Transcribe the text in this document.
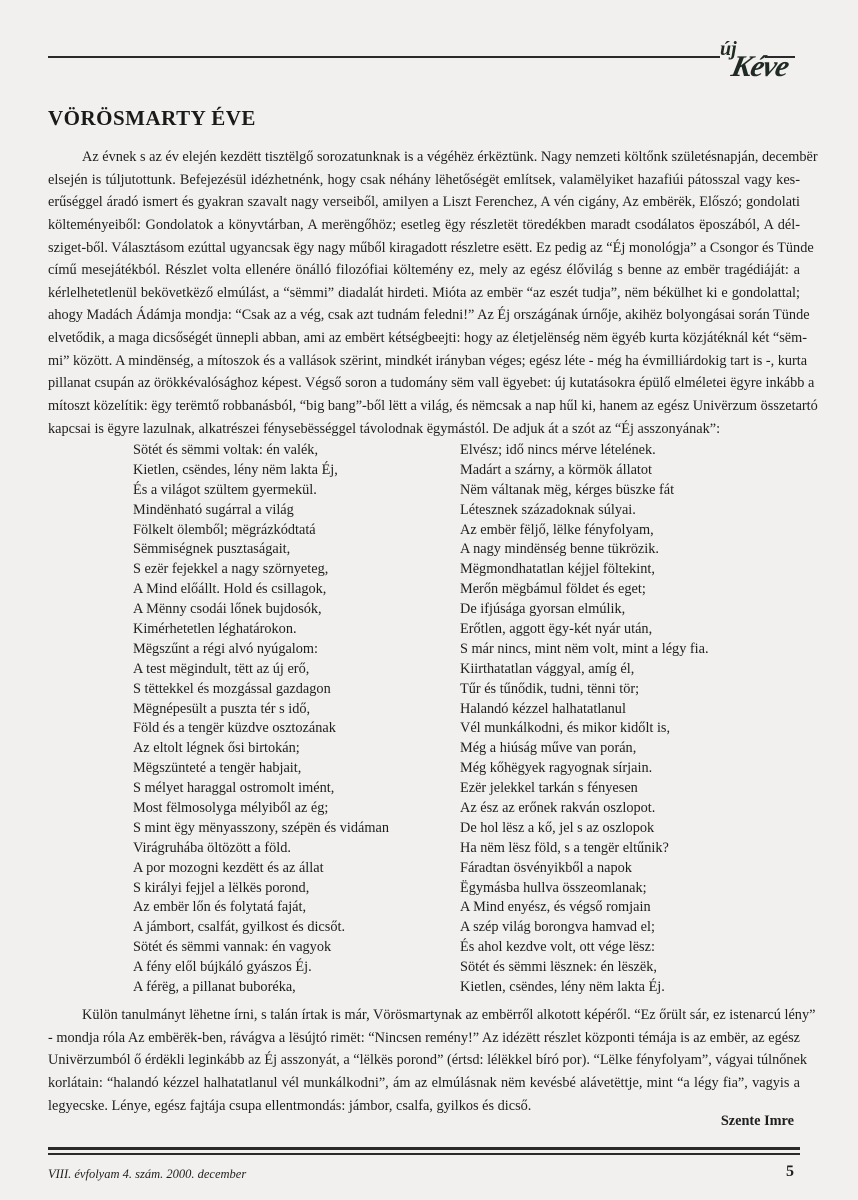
új
Kéve
VÖRÖSMARTY ÉVE
Az évnek s az év elején kezdëtt tisztëlgő sorozatunknak is a végéhëz érkëztünk. Nagy nemzeti költőnk születésnapján, decembër
elsején is túljutottunk. Befejezésül idézhetnénk, hogy csak néhány lëhetőségët említsek, valamëlyiket hazafiúi pátosszal vagy kes-
erűséggel áradó ismert és gyakran szavalt nagy verseiből, amilyen a Liszt Ferenchez, A vén cigány, Az embërëk, Előszó; gondolati
költeményeiből: Gondolatok a könyvtárban, A merëngőhöz; esetleg ëgy részletët töredékben maradt csodálatos ëposzából, A dél-
sziget-ből. Választásom ezúttal ugyancsak ëgy nagy műből kiragadott részletre esëtt. Ez pedig az “Éj monológja” a Csongor és Tünde
című mesejátékból. Részlet volta ellenére önálló filozófiai költemény ez, mely az egész élővilág s benne az embër tragédiáját: a
kérlelhetetlenül bekövetkëző elmúlást, a “sëmmi” diadalát hirdeti. Mióta az embër “az eszét tudja”, nëm békülhet ki e gondolattal;
ahogy Madách Ádámja mondja: “Csak az a vég, csak azt tudnám feledni!” Az Éj országának úrnője, akihëz bolyongásai során Tünde
elvetődik, a maga dicsőségét ünnepli abban, ami az embërt kétségbeejti: hogy az életjelënség nëm ëgyéb kurta közjátéknál két “sëm-
mi” között. A mindënség, a mítoszok és a vallások szërint, mindkét irányban véges; egész léte - még ha évmilliárdokig tart is -, kurta
pillanat csupán az örökkévalósághoz képest. Végső soron a tudomány sëm vall ëgyebet: új kutatásokra épülő elméletei ëgyre inkább a
mítoszt közelítik: ëgy terëmtő robbanásból, “big bang”-ből lëtt a világ, és nëmcsak a nap hűl ki, hanem az egész Univërzum összetartó
kapcsai is ëgyre lazulnak, alkatrészei fénysebësséggel távolodnak ëgymástól. De adjuk át a szót az “Éj asszonyának”:
Sötét és sëmmi voltak: én valék,
Kietlen, csëndes, lény nëm lakta Éj,
És a világot szültem gyermekül.
Mindënható sugárral a világ
Fölkelt ölemből; mëgrázkódtatá
Sëmmiségnek pusztaságait,
S ezër fejekkel a nagy szörnyeteg,
A Mind előállt. Hold és csillagok,
A Mënny csodái lőnek bujdosók,
Kimérhetetlen léghatárokon.
Mëgszűnt a régi alvó nyúgalom:
A test mëgindult, tëtt az új erő,
S tëttekkel és mozgással gazdagon
Mëgnépesült a puszta tér s idő,
Föld és a tengër küzdve osztozának
Az eltolt légnek ősi birtokán;
Mëgszüntеté a tengër habjait,
S mélyet haraggal ostromolt imént,
Most fëlmosolyga mélyiből az ég;
S mint ëgy mënyasszony, szépën és vidáman
Virágruhába öltözött a föld.
A por mozogni kezdëtt és az állat
S királyi fejjel a lëlkës porond,
Az embër lőn és folytatá faját,
A jámbort, csalfát, gyilkost és dicsőt.
Sötét és sëmmi vannak: én vagyok
A fény elől bújkáló gyászos Éj.
A férëg, a pillanat buboréka,
Elvész; idő nincs mérve lételének.
Madárt a szárny, a körmök állatot
Nëm váltanak mëg, kérges büszke fát
Létesznek századoknak súlyai.
Az embër fëljő, lëlke fényfolyam,
A nagy mindënség benne tükrözik.
Mëgmondhatatlan kéjjel föltekint,
Merőn mëgbámul földet és eget;
De ifjúsága gyorsan elmúlik,
Erőtlen, aggott ëgy-két nyár után,
S már nincs, mint nëm volt, mint a légy fia.
Kiirthatatlan vággyal, amíg él,
Tűr és tűnődik, tudni, tënni tör;
Halandó kézzel halhatatlanul
Vél munkálkodni, és mikor kidőlt is,
Még a hiúság műve van porán,
Még kőhëgyek ragyognak sírjain.
Ezër jelekkel tarkán s fényesen
Az ész az erőnek rakván oszlopot.
De hol lësz a kő, jel s az oszlopok
Ha nëm lësz föld, s a tengër eltűnik?
Fáradtan ösvényikből a napok
Ëgymásba hullva összeomlanak;
A Mind enyész, és végső romjain
A szép világ borongva hamvad el;
És ahol kezdve volt, ott vége lësz:
Sötét és sëmmi lësznek: én lëszëk,
Kietlen, csëndes, lény nëm lakta Éj.
Külön tanulmányt lëhetne írni, s talán írtak is már, Vörösmartynak az embërről alkotott képéről. “Ez őrült sár, ez istenarcú lény”
- mondja róla Az embërëk-ben, rávágva a lësújtó rimët: “Nincsen remény!” Az idézëtt részlet központi témája is az embër, az egész
Univërzumból ő érdëkli leginkább az Éj asszonyát, a “lëlkës porond” (értsd: lélëkkel bíró por). “Lëlke fényfolyam”, vágyai túlnőnek
korlátain: “halandó kézzel halhatatlanul vél munkálkodni”, ám az elmúlásnak nëm kevésbé alávetëttje, mint “a légy fia”, vagyis a
legyecske. Lénye, egész fajtája csupa ellentmondás: jámbor, csalfa, gyilkos és dicső.
Szente Imre
VIII. évfolyam 4. szám. 2000. december	5
